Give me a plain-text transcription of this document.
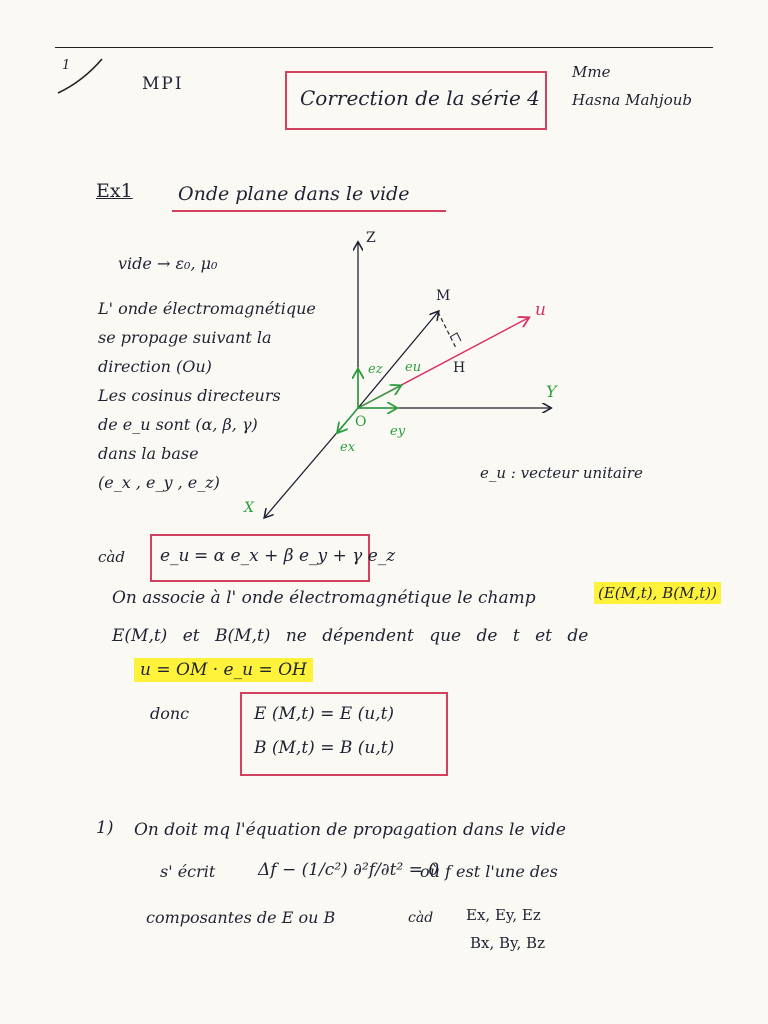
1
MPI
Correction de la série 4
Mme
Hasna Mahjoub
Ex1 Onde plane dans le vide
vide → ε₀, μ₀
L' onde électromagnétique
se propage suivant la
direction (Ou)
Les cosinus directeurs
de e_u sont (α, β, γ)
dans la base
(e_x , e_y , e_z)
Z
M
u
H
Y
O
X
ez eu
ey
ex
e_u : vecteur unitaire
càd e_u = α e_x + β e_y + γ e_z
On associe à l' onde électromagnétique le champ	(E(M,t), B(M,t))
E(M,t) et B(M,t) ne dépendent que de t et de
u = OM · e_u = OH
donc	E (M,t) = E (u,t)
B (M,t) = B (u,t)
1) On doit mq l'équation de propagation dans le vide
s' écrit	Δf − (1/c²) ∂²f/∂t² = 0
où f est l'une des
composantes de E ou B	càd Ex, Ey, Ez
Bx, By, Bz
